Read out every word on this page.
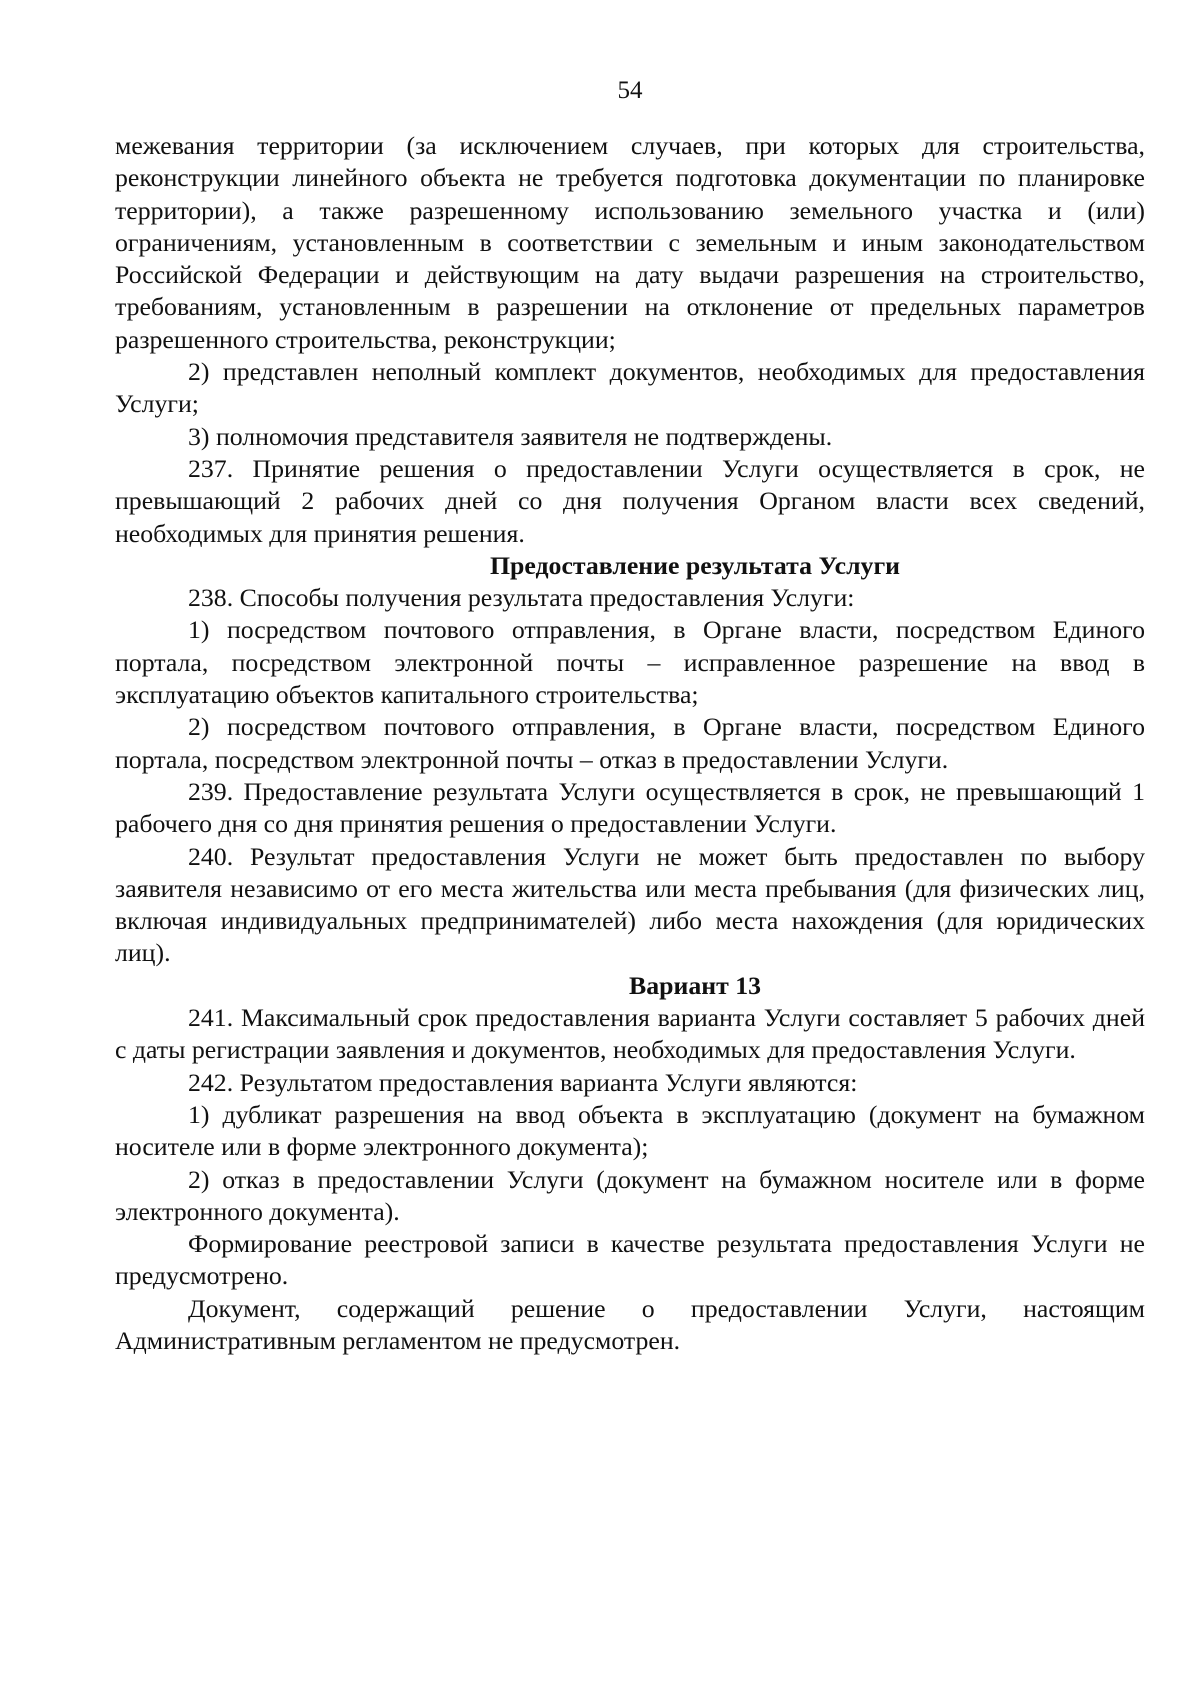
54

межевания территории (за исключением случаев, при которых для строительства, реконструкции линейного объекта не требуется подготовка документации по планировке территории), а также разрешенному использованию земельного участка и (или) ограничениям, установленным в соответствии с земельным и иным законодательством Российской Федерации и действующим на дату выдачи разрешения на строительство, требованиям, установленным в разрешении на отклонение от предельных параметров разрешенного строительства, реконструкции;

2) представлен неполный комплект документов, необходимых для предоставления Услуги;

3) полномочия представителя заявителя не подтверждены.

237. Принятие решения о предоставлении Услуги осуществляется в срок, не превышающий 2 рабочих дней со дня получения Органом власти всех сведений, необходимых для принятия решения.

Предоставление результата Услуги

238. Способы получения результата предоставления Услуги:

1) посредством почтового отправления, в Органе власти, посредством Единого портала, посредством электронной почты – исправленное разрешение на ввод в эксплуатацию объектов капитального строительства;

2) посредством почтового отправления, в Органе власти, посредством Единого портала, посредством электронной почты – отказ в предоставлении Услуги.

239. Предоставление результата Услуги осуществляется в срок, не превышающий 1 рабочего дня со дня принятия решения о предоставлении Услуги.

240. Результат предоставления Услуги не может быть предоставлен по выбору заявителя независимо от его места жительства или места пребывания (для физических лиц, включая индивидуальных предпринимателей) либо места нахождения (для юридических лиц).

Вариант 13

241. Максимальный срок предоставления варианта Услуги составляет 5 рабочих дней с даты регистрации заявления и документов, необходимых для предоставления Услуги.

242. Результатом предоставления варианта Услуги являются:

1) дубликат разрешения на ввод объекта в эксплуатацию (документ на бумажном носителе или в форме электронного документа);

2) отказ в предоставлении Услуги (документ на бумажном носителе или в форме электронного документа).

Формирование реестровой записи в качестве результата предоставления Услуги не предусмотрено.

Документ, содержащий решение о предоставлении Услуги, настоящим Административным регламентом не предусмотрен.
